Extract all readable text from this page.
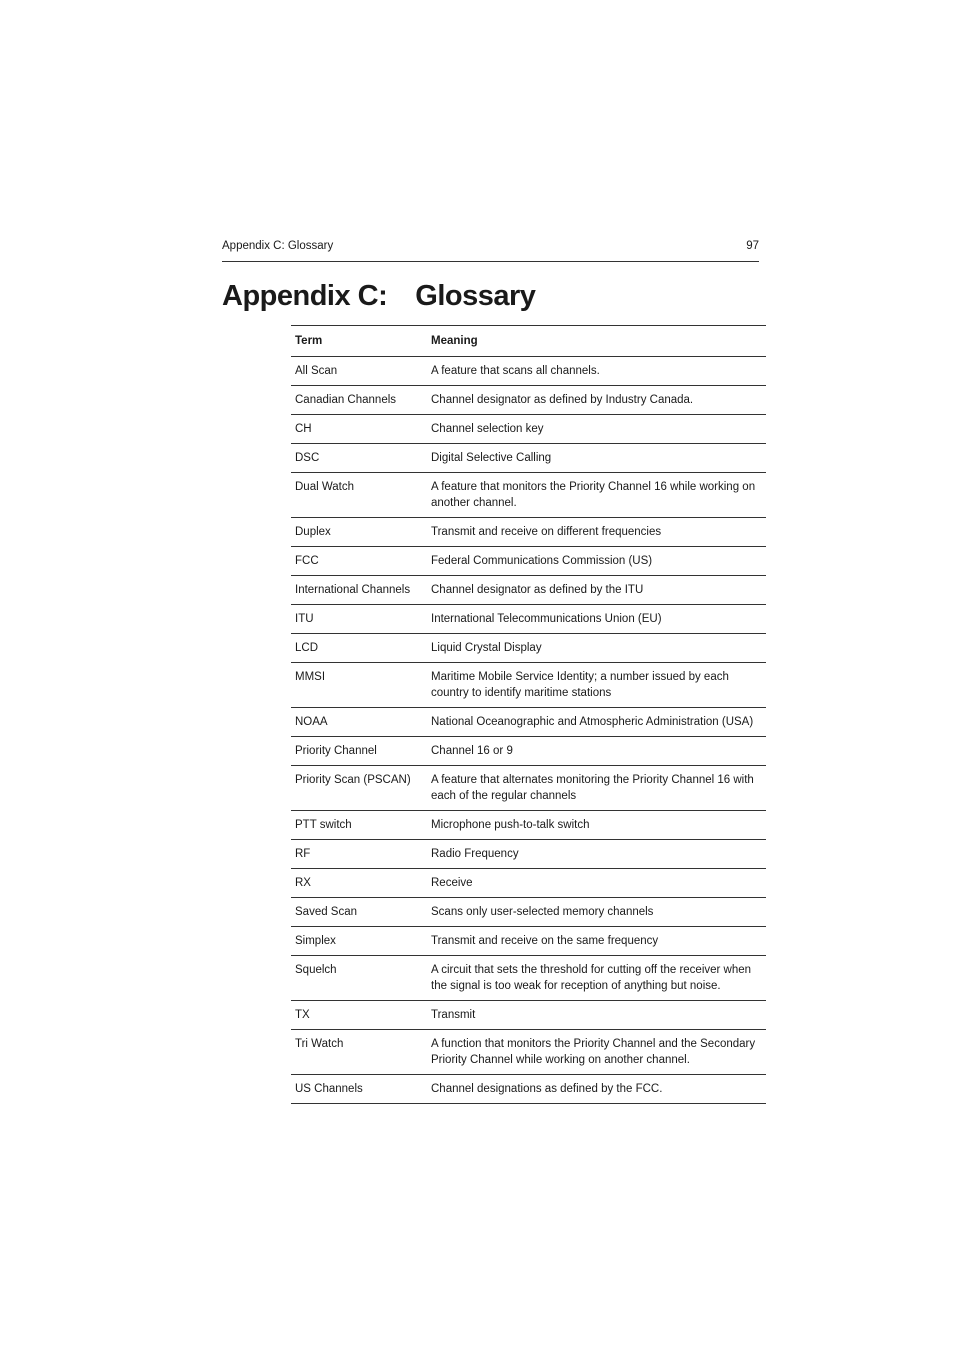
Appendix C: Glossary	97
Appendix C: Glossary
Term	Meaning
All Scan	A feature that scans all channels.
Canadian Channels	Channel designator as defined by Industry Canada.
CH	Channel selection key
DSC	Digital Selective Calling
Dual Watch	A feature that monitors the Priority Channel 16 while working on another channel.
Duplex	Transmit and receive on different frequencies
FCC	Federal Communications Commission (US)
International Channels	Channel designator as defined by the ITU
ITU	International Telecommunications Union (EU)
LCD	Liquid Crystal Display
MMSI	Maritime Mobile Service Identity; a number issued by each country to identify maritime stations
NOAA	National Oceanographic and Atmospheric Administration (USA)
Priority Channel	Channel 16 or 9
Priority Scan (PSCAN)	A feature that alternates monitoring the Priority Channel 16 with each of the regular channels
PTT switch	Microphone push-to-talk switch
RF	Radio Frequency
RX	Receive
Saved Scan	Scans only user-selected memory channels
Simplex	Transmit and receive on the same frequency
Squelch	A circuit that sets the threshold for cutting off the receiver when the signal is too weak for reception of anything but noise.
TX	Transmit
Tri Watch	A function that monitors the Priority Channel and the Secondary Priority Channel while working on another channel.
US Channels	Channel designations as defined by the FCC.
